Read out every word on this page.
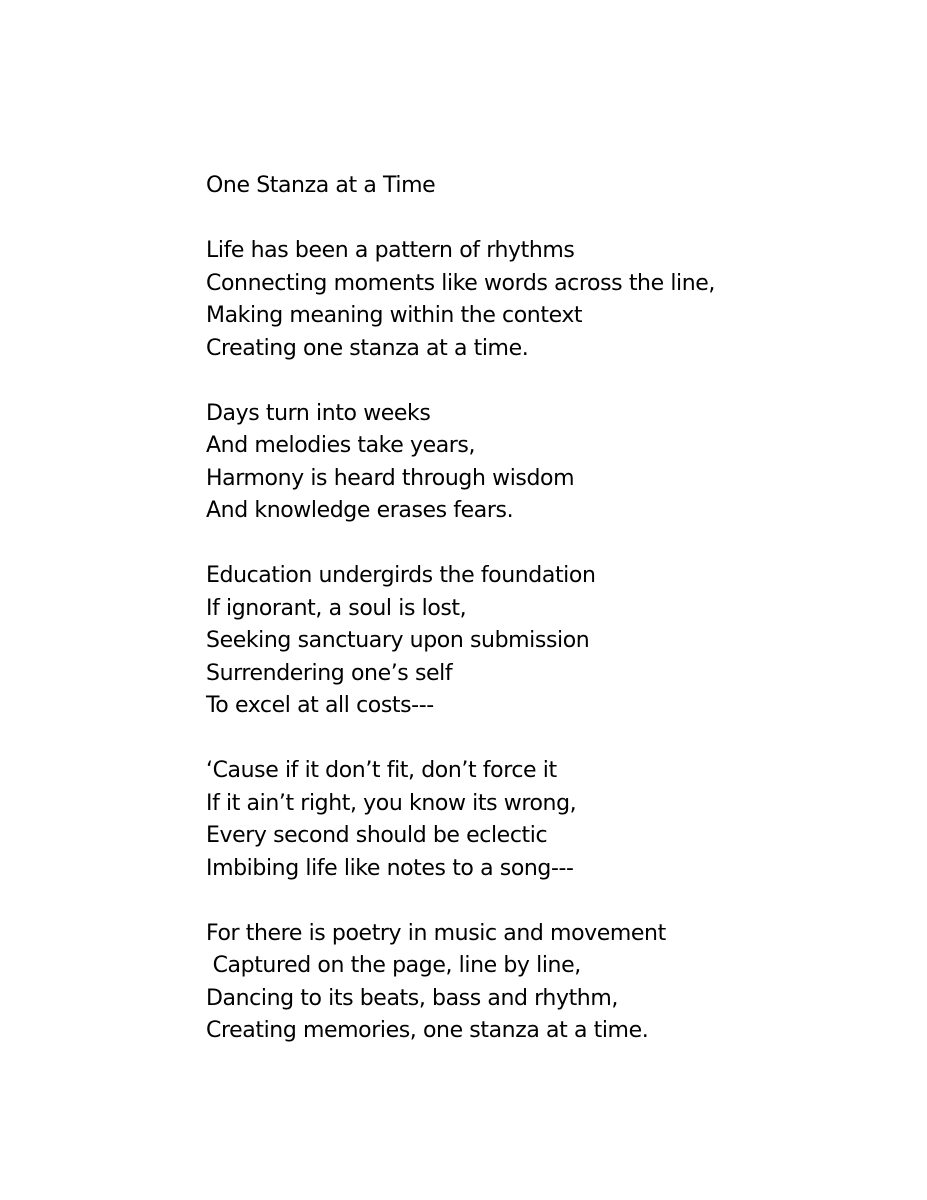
One Stanza at a Time
Life has been a pattern of rhythms
Connecting moments like words across the line,
Making meaning within the context
Creating one stanza at a time.
Days turn into weeks
And melodies take years,
Harmony is heard through wisdom
And knowledge erases fears.
Education undergirds the foundation
If ignorant, a soul is lost,
Seeking sanctuary upon submission
Surrendering one’s self
To excel at all costs---
‘Cause if it don’t fit, don’t force it
If it ain’t right, you know its wrong,
Every second should be eclectic
Imbibing life like notes to a song---
For there is poetry in music and movement
Captured on the page, line by line,
Dancing to its beats, bass and rhythm,
Creating memories, one stanza at a time.
